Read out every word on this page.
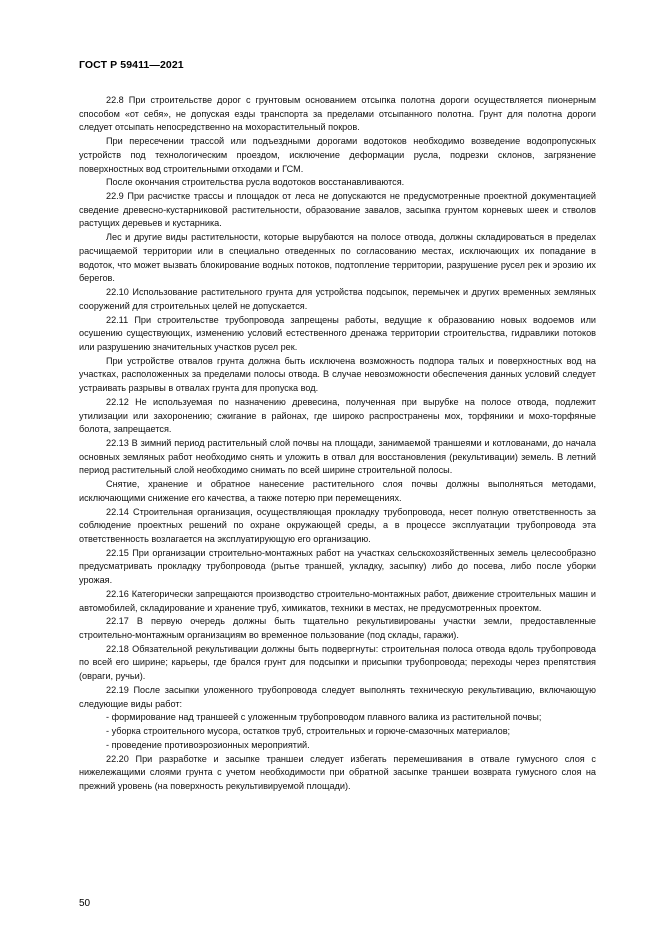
ГОСТ Р 59411—2021

22.8 При строительстве дорог с грунтовым основанием отсыпка полотна дороги осуществляется пионерным способом «от себя», не допуская езды транспорта за пределами отсыпанного полотна. Грунт для полотна дороги следует отсыпать непосредственно на мохорастительный покров.

При пересечении трассой или подъездными дорогами водотоков необходимо возведение водопропускных устройств под технологическим проездом, исключение деформации русла, подрезки склонов, загрязнение поверхностных вод строительными отходами и ГСМ.

После окончания строительства русла водотоков восстанавливаются.

22.9 При расчистке трассы и площадок от леса не допускаются не предусмотренные проектной документацией сведение древесно-кустарниковой растительности, образование завалов, засыпка грунтом корневых шеек и стволов растущих деревьев и кустарника.

Лес и другие виды растительности, которые вырубаются на полосе отвода, должны складироваться в пределах расчищаемой территории или в специально отведенных по согласованию местах, исключающих их попадание в водоток, что может вызвать блокирование водных потоков, подтопление территории, разрушение русел рек и эрозию их берегов.

22.10 Использование растительного грунта для устройства подсыпок, перемычек и других временных земляных сооружений для строительных целей не допускается.

22.11 При строительстве трубопровода запрещены работы, ведущие к образованию новых водоемов или осушению существующих, изменению условий естественного дренажа территории строительства, гидравлики потоков или разрушению значительных участков русел рек.

При устройстве отвалов грунта должна быть исключена возможность подпора талых и поверхностных вод на участках, расположенных за пределами полосы отвода. В случае невозможности обеспечения данных условий следует устраивать разрывы в отвалах грунта для пропуска вод.

22.12 Не используемая по назначению древесина, полученная при вырубке на полосе отвода, подлежит утилизации или захоронению; сжигание в районах, где широко распространены мох, торфяники и мохо-торфяные болота, запрещается.

22.13 В зимний период растительный слой почвы на площади, занимаемой траншеями и котлованами, до начала основных земляных работ необходимо снять и уложить в отвал для восстановления (рекультивации) земель. В летний период растительный слой необходимо снимать по всей ширине строительной полосы.

Снятие, хранение и обратное нанесение растительного слоя почвы должны выполняться методами, исключающими снижение его качества, а также потерю при перемещениях.

22.14 Строительная организация, осуществляющая прокладку трубопровода, несет полную ответственность за соблюдение проектных решений по охране окружающей среды, а в процессе эксплуатации трубопровода эта ответственность возлагается на эксплуатирующую его организацию.

22.15 При организации строительно-монтажных работ на участках сельскохозяйственных земель целесообразно предусматривать прокладку трубопровода (рытье траншей, укладку, засыпку) либо до посева, либо после уборки урожая.

22.16 Категорически запрещаются производство строительно-монтажных работ, движение строительных машин и автомобилей, складирование и хранение труб, химикатов, техники в местах, не предусмотренных проектом.

22.17 В первую очередь должны быть тщательно рекультивированы участки земли, предоставленные строительно-монтажным организациям во временное пользование (под склады, гаражи).

22.18 Обязательной рекультивации должны быть подвергнуты: строительная полоса отвода вдоль трубопровода по всей его ширине; карьеры, где брался грунт для подсыпки и присыпки трубопровода; переходы через препятствия (овраги, ручьи).

22.19 После засыпки уложенного трубопровода следует выполнять техническую рекультивацию, включающую следующие виды работ:

- формирование над траншеей с уложенным трубопроводом плавного валика из растительной почвы;

- уборка строительного мусора, остатков труб, строительных и горюче-смазочных материалов;

- проведение противоэрозионных мероприятий.

22.20 При разработке и засыпке траншеи следует избегать перемешивания в отвале гумусного слоя с нижележащими слоями грунта с учетом необходимости при обратной засыпке траншеи возврата гумусного слоя на прежний уровень (на поверхность рекультивируемой площади).

50
